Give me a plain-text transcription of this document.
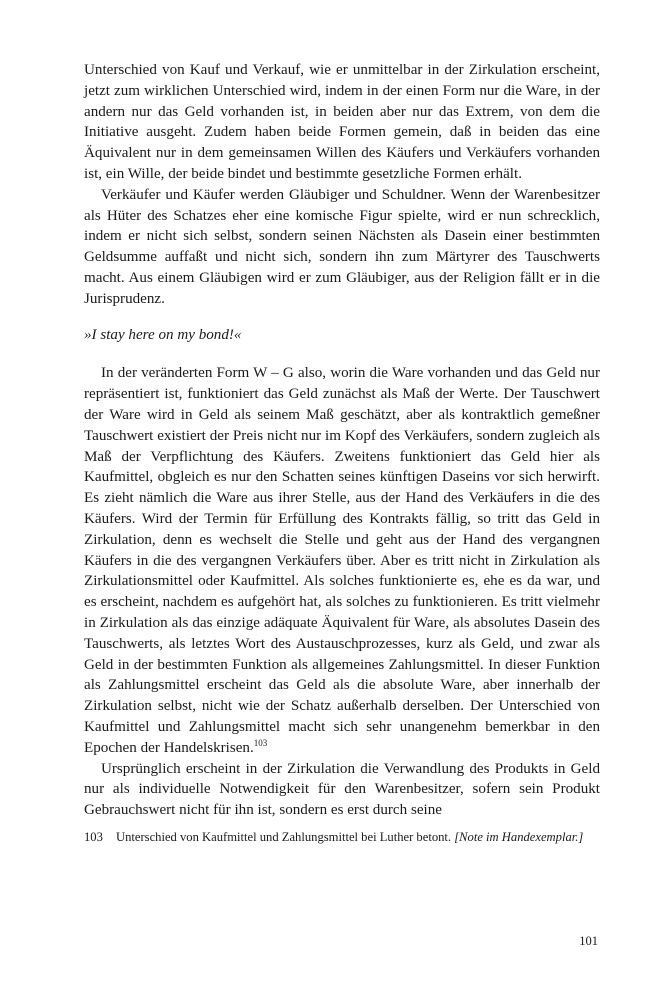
Unterschied von Kauf und Verkauf, wie er unmittelbar in der Zirkulation erscheint, jetzt zum wirklichen Unterschied wird, indem in der einen Form nur die Ware, in der andern nur das Geld vorhanden ist, in beiden aber nur das Extrem, von dem die Initiative ausgeht. Zudem haben beide Formen gemein, daß in beiden das eine Äquivalent nur in dem gemeinsamen Willen des Käufers und Verkäufers vorhanden ist, ein Wille, der beide bindet und bestimmte gesetzliche Formen erhält.

Verkäufer und Käufer werden Gläubiger und Schuldner. Wenn der Warenbesitzer als Hüter des Schatzes eher eine komische Figur spielte, wird er nun schrecklich, indem er nicht sich selbst, sondern seinen Nächsten als Dasein einer bestimmten Geldsumme auffaßt und nicht sich, sondern ihn zum Märtyrer des Tauschwerts macht. Aus einem Gläubigen wird er zum Gläubiger, aus der Religion fällt er in die Jurisprudenz.

»I stay here on my bond!«

In der veränderten Form W – G also, worin die Ware vorhanden und das Geld nur repräsentiert ist, funktioniert das Geld zunächst als Maß der Werte. Der Tauschwert der Ware wird in Geld als seinem Maß geschätzt, aber als kontraktlich gemeßner Tauschwert existiert der Preis nicht nur im Kopf des Verkäufers, sondern zugleich als Maß der Verpflichtung des Käufers. Zweitens funktioniert das Geld hier als Kaufmittel, obgleich es nur den Schatten seines künftigen Daseins vor sich herwirft. Es zieht nämlich die Ware aus ihrer Stelle, aus der Hand des Verkäufers in die des Käufers. Wird der Termin für Erfüllung des Kontrakts fällig, so tritt das Geld in Zirkulation, denn es wechselt die Stelle und geht aus der Hand des vergangnen Käufers in die des vergangnen Verkäufers über. Aber es tritt nicht in Zirkulation als Zirkulationsmittel oder Kaufmittel. Als solches funktionierte es, ehe es da war, und es erscheint, nachdem es aufgehört hat, als solches zu funktionieren. Es tritt vielmehr in Zirkulation als das einzige adäquate Äquivalent für Ware, als absolutes Dasein des Tauschwerts, als letztes Wort des Austauschprozesses, kurz als Geld, und zwar als Geld in der bestimmten Funktion als allgemeines Zahlungsmittel. In dieser Funktion als Zahlungsmittel erscheint das Geld als die absolute Ware, aber innerhalb der Zirkulation selbst, nicht wie der Schatz außerhalb derselben. Der Unterschied von Kaufmittel und Zahlungsmittel macht sich sehr unangenehm bemerkbar in den Epochen der Handelskrisen.$^{103}$

Ursprünglich erscheint in der Zirkulation die Verwandlung des Produkts in Geld nur als individuelle Notwendigkeit für den Warenbesitzer, sofern sein Produkt Gebrauchswert nicht für ihn ist, sondern es erst durch seine

103	Unterschied von Kaufmittel und Zahlungsmittel bei Luther betont. [Note im Handexemplar.]
101
